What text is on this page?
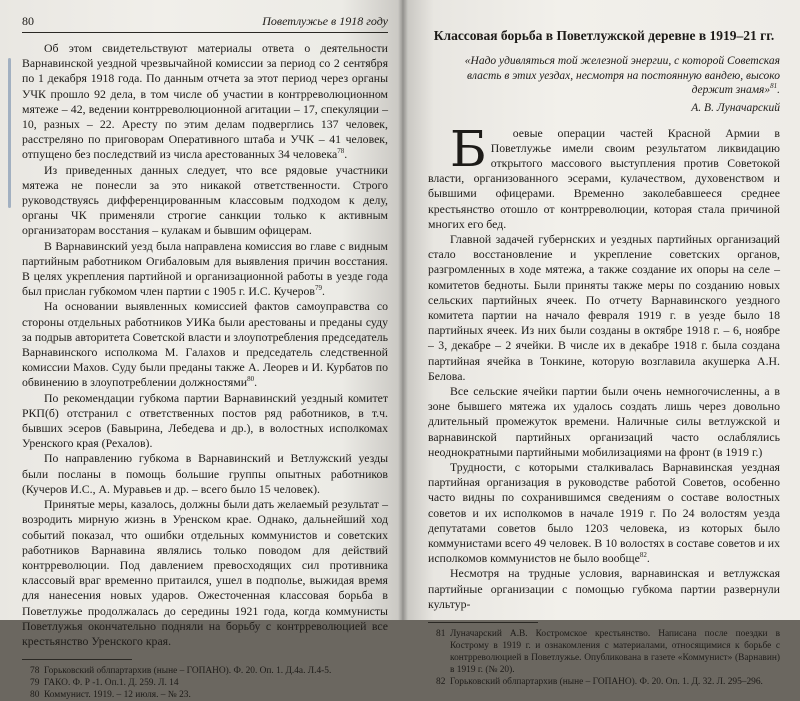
80	Поветлужье в 1918 году

Об этом свидетельствуют материалы ответа о деятельности Варнавинской уездной чрезвычайной комиссии за период со 2 сентября по 1 декабря 1918 года. По данным отчета за этот период через органы УЧК прошло 92 дела, в том числе об участии в контрреволюционном мятеже – 42, ведении контрреволюционной агитации – 17, спекуляции – 10, разных – 22. Аресту по этим делам подверглись 137 человек, расстреляно по приговорам Оперативного штаба и УЧК – 41 человек, отпущено без последствий из числа арестованных 34 человека$^{78}$.

Из приведенных данных следует, что все рядовые участники мятежа не понесли за это никакой ответственности. Строго руководствуясь дифференцированным классовым подходом к делу, органы ЧК применяли строгие санкции только к активным организаторам восстания – кулакам и бывшим офицерам.

В Варнавинский уезд была направлена комиссия во главе с видным партийным работником Огибаловым для выявления причин восстания. В целях укрепления партийной и организационной работы в уезде года был прислан губкомом член партии с 1905 г. И.С. Кучеров$^{79}$.

На основании выявленных комиссией фактов самоуправства со стороны отдельных работников УИКа были арестованы и преданы суду за подрыв авторитета Советской власти и злоупотребления председатель Варнавинского исполкома М. Галахов и председатель следственной комиссии Махов. Суду были преданы также А. Леорев и И. Курбатов по обвинению в злоупотреблении должностями$^{80}$.

По рекомендации губкома партии Варнавинский уездный комитет РКП(б) отстранил с ответственных постов ряд работников, в т.ч. бывших эсеров (Бавырина, Лебедева и др.), в волостных исполкомах Уренского края (Рехалов).

По направлению губкома в Варнавинский и Ветлужский уезды были посланы в помощь большие группы опытных работников (Кучеров И.С., А. Муравьев и др. – всего было 15 человек).

Принятые меры, казалось, должны были дать желаемый результат – возродить мирную жизнь в Уренском крае. Однако, дальнейший ход событий показал, что ошибки отдельных коммунистов и советских работников Варнавина являлись только поводом для действий контрреволюции. Под давлением превосходящих сил противника классовый враг временно притаился, ушел в подполье, выжидая время для нанесения новых ударов. Ожесточенная классовая борьба в Поветлужье продолжалась до середины 1921 года, когда коммунисты Поветлужья окончательно подняли на борьбу с контрреволюцией все крестьянство Уренского края.

78 Горьковский облпартархив (ныне – ГОПАНО). Ф. 20. Оп. 1. Д.4а. Л.4-5.

79 ГАКО. Ф. Р -1. Оп.1. Д. 259. Л. 14

80 Коммунист. 1919. – 12 июля. – № 23.

Классовая борьба в Поветлужской деревне в 1919–21 гг.

«Надо удивляться той железной энергии, с которой Советская власть в этих уездах, несмотря на постоянную вандею, высоко держит знамя»$^{81}$.

А. В. Луначарский

Б оевые операции частей Красной Армии в Поветлужье имели своим результатом ликвидацию открытого массового выступления против Советокой власти, организованного эсерами, кулачеством, духовенством и бывшими офицерами. Временно заколебавшееся среднее крестьянство отошло от контрреволюции, которая стала причиной многих его бед.

Главной задачей губернских и уездных партийных организаций стало восстановление и укрепление советских органов, разгромленных в ходе мятежа, а также создание их опоры на селе – комитетов бедноты. Были приняты также меры по созданию новых сельских партийных ячеек. По отчету Варнавинского уездного комитета партии на начало февраля 1919 г. в уезде было 18 партийных ячеек. Из них были созданы в октябре 1918 г. – 6, ноябре – 3, декабре – 2 ячейки. В числе их в декабре 1918 г. была создана партийная ячейка в Тонкине, которую возглавила акушерка А.Н. Белова.

Все сельские ячейки партии были очень немногочисленны, а в зоне бывшего мятежа их удалось создать лишь через довольно длительный промежуток времени. Наличные силы ветлужской и варнавинской партийных организаций часто ослаблялись неоднократными партийными мобилизациями на фронт (в 1919 г.)

Трудности, с которыми сталкивалась Варнавинская уездная партийная организация в руководстве работой Советов, особенно часто видны по сохранившимся сведениям о составе волостных советов и их исполкомов в начале 1919 г. По 24 волостям уезда депутатами советов было 1203 человека, из которых было коммунистами всего 49 человек. В 10 волостях в составе советов и их исполкомов коммунистов не было вообще$^{82}$.

Несмотря на трудные условия, варнавинская и ветлужская партийные организации с помощью губкома партии развернули культур-

81 Луначарский А.В. Костромское крестьянство. Написана после поездки в Кострому в 1919 г. и ознакомления с материалами, относящимися к борьбе с контрреволюцией в Поветлужье. Опубликована в газете «Коммунист» (Варнавин) в 1919 г. (№ 20).

82 Горьковский облпартархив (ныне – ГОПАНО). Ф. 20. Оп. 1. Д. 32. Л. 295–296.
